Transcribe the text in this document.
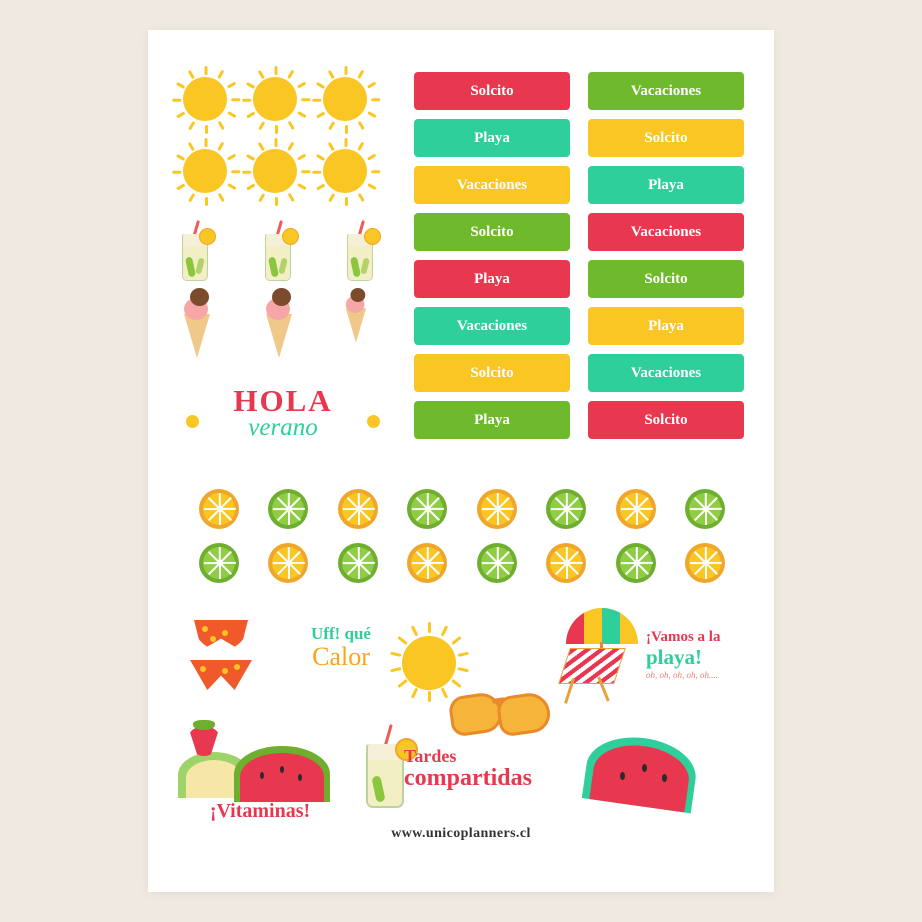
HOLA
verano
Solcito	Vacaciones
Playa	Solcito
Vacaciones	Playa
Solcito	Vacaciones
Playa	Solcito
Vacaciones	Playa
Solcito	Vacaciones
Playa	Solcito
Uff! qué
Calor
¡Vamos a la
playa!
oh, oh, oh, oh, oh....
¡Vitaminas!
Tardes
compartidas
www.unicoplanners.cl
